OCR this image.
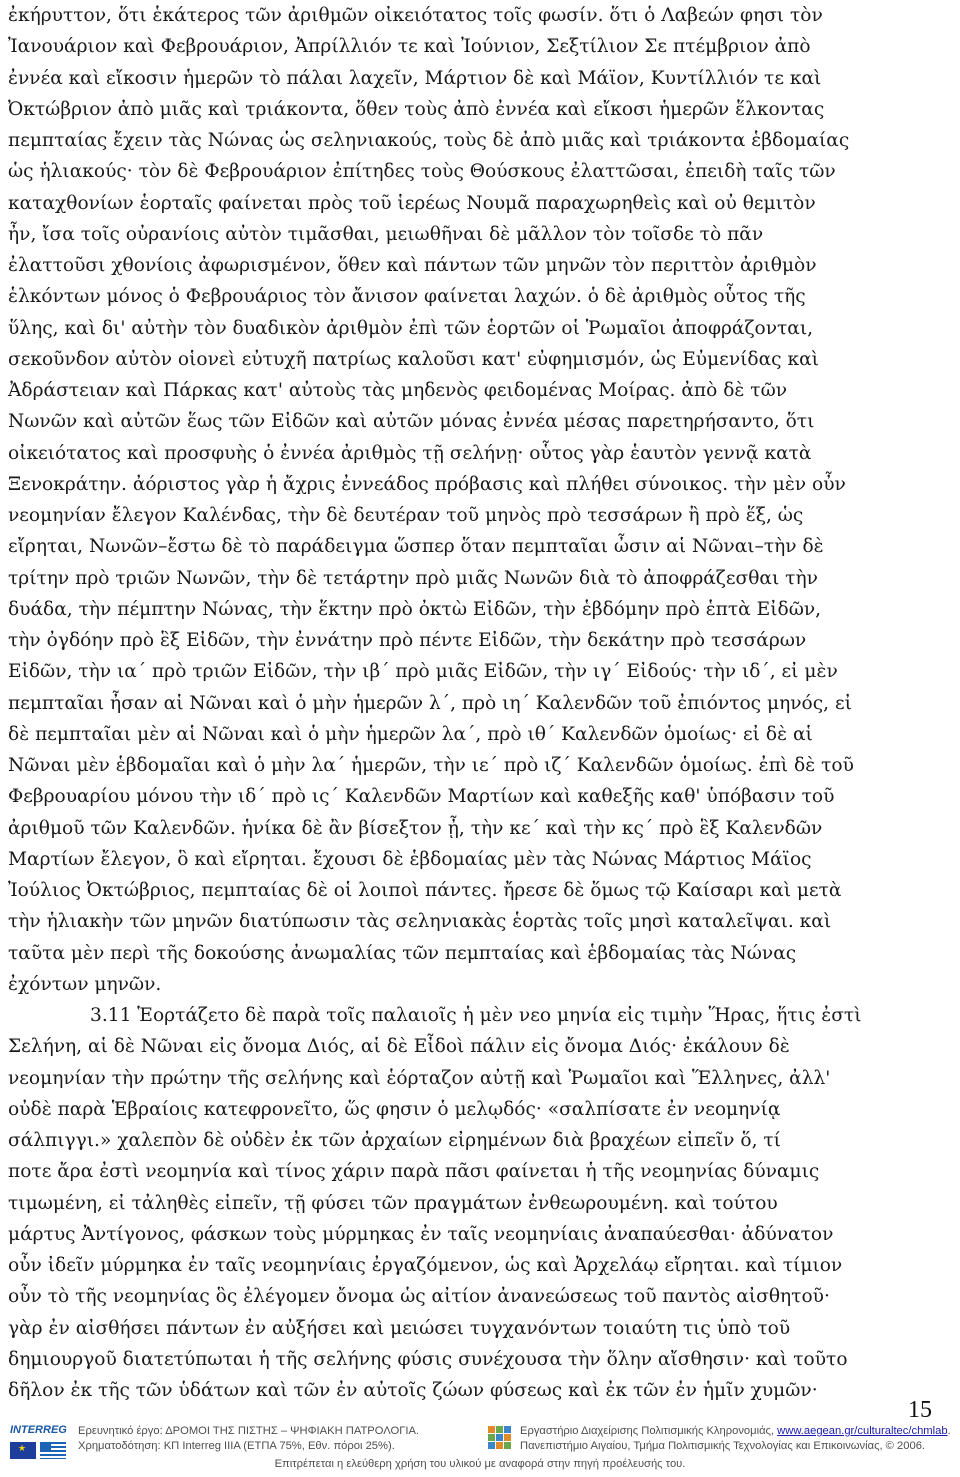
ἐκήρυττον, ὅτι ἑκάτερος τῶν ἀριθμῶν οἰκειότατος τοῖς φωσίν. ὅτι ὁ Λαβεών φησι τὸν
Ἰανουάριον καὶ Φεβρουάριον, Ἀπρίλλιόν τε καὶ Ἰούνιον, Σεξτίλιον Σε πτέμβριον ἀπὸ
ἐννέα καὶ εἴκοσιν ἡμερῶν τὸ πάλαι λαχεῖν, Μάρτιον δὲ καὶ Μάϊον, Κυντίλλιόν τε καὶ
Ὀκτώβριον ἀπὸ μιᾶς καὶ τριάκοντα, ὅθεν τοὺς ἀπὸ ἐννέα καὶ εἴκοσι ἡμερῶν ἕλκοντας
πεμπταίας ἔχειν τὰς Νώνας ὡς σεληνιακούς, τοὺς δὲ ἀπὸ μιᾶς καὶ τριάκοντα ἑβδομαίας
ὡς ἡλιακούς· τὸν δὲ Φεβρουάριον ἐπίτηδες τοὺς Θούσκους ἐλαττῶσαι, ἐπειδὴ ταῖς τῶν
καταχθονίων ἑορταῖς φαίνεται πρὸς τοῦ ἱερέως Νουμᾶ παραχωρηθεὶς καὶ οὐ θεμιτὸν
ἦν, ἴσα τοῖς οὐρανίοις αὐτὸν τιμᾶσθαι, μειωθῆναι δὲ μᾶλλον τὸν τοῖσδε τὸ πᾶν
ἐλαττοῦσι χθονίοις ἀφωρισμένον, ὅθεν καὶ πάντων τῶν μηνῶν τὸν περιττὸν ἀριθμὸν
ἑλκόντων μόνος ὁ Φεβρουάριος τὸν ἄνισον φαίνεται λαχών. ὁ δὲ ἀριθμὸς οὗτος τῆς
ὕλης, καὶ δι' αὐτὴν τὸν δυαδικὸν ἀριθμὸν ἐπὶ τῶν ἑορτῶν οἱ Ῥωμαῖοι ἀποφράζονται,
σεκοῦνδον αὐτὸν οἱονεὶ εὐτυχῆ πατρίως καλοῦσι κατ' εὐφημισμόν, ὡς Εὐμενίδας καὶ
Ἀδράστειαν καὶ Πάρκας κατ' αὐτοὺς τὰς μηδενὸς φειδομένας Μοίρας. ἀπὸ δὲ τῶν
Νωνῶν καὶ αὐτῶν ἕως τῶν Εἰδῶν καὶ αὐτῶν μόνας ἐννέα μέσας παρετηρήσαντο, ὅτι
οἰκειότατος καὶ προσφυὴς ὁ ἐννέα ἀριθμὸς τῇ σελήνῃ· οὗτος γὰρ ἑαυτὸν γεννᾷ κατὰ
Ξενοκράτην. ἀόριστος γὰρ ἡ ἄχρις ἐννεάδος πρόβασις καὶ πλήθει σύνοικος. τὴν μὲν οὖν
νεομηνίαν ἔλεγον Καλένδας, τὴν δὲ δευτέραν τοῦ μηνὸς πρὸ τεσσάρων ἢ πρὸ ἕξ, ὡς
εἴρηται, Νωνῶν–ἔστω δὲ τὸ παράδειγμα ὥσπερ ὅταν πεμπταῖαι ὦσιν αἱ Νῶναι–τὴν δὲ
τρίτην πρὸ τριῶν Νωνῶν, τὴν δὲ τετάρτην πρὸ μιᾶς Νωνῶν διὰ τὸ ἀποφράζεσθαι τὴν
δυάδα, τὴν πέμπτην Νώνας, τὴν ἕκτην πρὸ ὀκτὼ Εἰδῶν, τὴν ἑβδόμην πρὸ ἑπτὰ Εἰδῶν,
τὴν ὀγδόην πρὸ ἓξ Εἰδῶν, τὴν ἐννάτην πρὸ πέντε Εἰδῶν, τὴν δεκάτην πρὸ τεσσάρων
Εἰδῶν, τὴν ια´ πρὸ τριῶν Εἰδῶν, τὴν ιβ´ πρὸ μιᾶς Εἰδῶν, τὴν ιγ´ Εἰδούς· τὴν ιδ´, εἰ μὲν
πεμπταῖαι ἦσαν αἱ Νῶναι καὶ ὁ μὴν ἡμερῶν λ´, πρὸ ιη´ Καλενδῶν τοῦ ἐπιόντος μηνός, εἰ
δὲ πεμπταῖαι μὲν αἱ Νῶναι καὶ ὁ μὴν ἡμερῶν λα´, πρὸ ιθ´ Καλενδῶν ὁμοίως· εἰ δὲ αἱ
Νῶναι μὲν ἑβδομαῖαι καὶ ὁ μὴν λα´ ἡμερῶν, τὴν ιε´ πρὸ ιζ´ Καλενδῶν ὁμοίως. ἐπὶ δὲ τοῦ
Φεβρουαρίου μόνου τὴν ιδ´ πρὸ ις´ Καλενδῶν Μαρτίων καὶ καθεξῆς καθ' ὑπόβασιν τοῦ
ἀριθμοῦ τῶν Καλενδῶν. ἡνίκα δὲ ἂν βίσεξτον ᾖ, τὴν κε´ καὶ τὴν κς´ πρὸ ἓξ Καλενδῶν
Μαρτίων ἔλεγον, ὃ καὶ εἴρηται. ἔχουσι δὲ ἑβδομαίας μὲν τὰς Νώνας Μάρτιος Μάϊος
Ἰούλιος Ὀκτώβριος, πεμπταίας δὲ οἱ λοιποὶ πάντες. ἤρεσε δὲ ὅμως τῷ Καίσαρι καὶ μετὰ
τὴν ἡλιακὴν τῶν μηνῶν διατύπωσιν τὰς σεληνιακὰς ἑορτὰς τοῖς μησὶ καταλεῖψαι. καὶ
ταῦτα μὲν περὶ τῆς δοκούσης ἀνωμαλίας τῶν πεμπταίας καὶ ἑβδομαίας τὰς Νώνας
ἐχόντων μηνῶν.
3.11 Ἑορτάζετο δὲ παρὰ τοῖς παλαιοῖς ἡ μὲν νεο μηνία εἰς τιμὴν Ἥρας, ἥτις ἐστὶ
Σελήνη, αἱ δὲ Νῶναι εἰς ὄνομα Διός, αἱ δὲ Εἶδοὶ πάλιν εἰς ὄνομα Διός· ἐκάλουν δὲ
νεομηνίαν τὴν πρώτην τῆς σελήνης καὶ ἑόρταζον αὐτῇ καὶ Ῥωμαῖοι καὶ Ἕλληνες, ἀλλ'
οὐδὲ παρὰ Ἑβραίοις κατεφρονεῖτο, ὥς φησιν ὁ μελῳδός· «σαλπίσατε ἐν νεομηνίᾳ
σάλπιγγι.» χαλεπὸν δὲ οὐδὲν ἐκ τῶν ἀρχαίων εἰρημένων διὰ βραχέων εἰπεῖν ὅ, τί
ποτε ἄρα ἐστὶ νεομηνία καὶ τίνος χάριν παρὰ πᾶσι φαίνεται ἡ τῆς νεομηνίας δύναμις
τιμωμένη, εἰ τἀληθὲς εἰπεῖν, τῇ φύσει τῶν πραγμάτων ἐνθεωρουμένη. καὶ τούτου
μάρτυς Ἀντίγονος, φάσκων τοὺς μύρμηκας ἐν ταῖς νεομηνίαις ἀναπαύεσθαι· ἀδύνατον
οὖν ἰδεῖν μύρμηκα ἐν ταῖς νεομηνίαις ἐργαζόμενον, ὡς καὶ Ἀρχελάῳ εἴρηται. καὶ τίμιον
οὖν τὸ τῆς νεομηνίας ὃς ἐλέγομεν ὄνομα ὡς αἰτίον ἀνανεώσεως τοῦ παντὸς αἰσθητοῦ·
γὰρ ἐν αἰσθήσει πάντων ἐν αὐξήσει καὶ μειώσει τυγχανόντων τοιαύτη τις ὑπὸ τοῦ
δημιουργοῦ διατετύπωται ἡ τῆς σελήνης φύσις συνέχουσα τὴν ὅλην αἴσθησιν· καὶ τοῦτο
δῆλον ἐκ τῆς τῶν ὑδάτων καὶ τῶν ἐν αὐτοῖς ζώων φύσεως καὶ ἐκ τῶν ἐν ἡμῖν χυμῶν·
15
INTERREG
★ Ερευνητικό έργο: ΔΡΟΜΟΙ ΤΗΣ ΠΙΣΤΗΣ – ΨΗΦΙΑΚΗ ΠΑΤΡΟΛΟΓΙΑ.
Χρηματοδότηση: ΚΠ Interreg IIIA (ΕΤΠΑ 75%, Εθν. πόροι 25%).
Εργαστήριο Διαχείρισης Πολιτισμικής Κληρονομιάς, www.aegean.gr/culturaltec/chmlab.
Πανεπιστήμιο Αιγαίου, Τμήμα Πολιτισμικής Τεχνολογίας και Επικοινωνίας, © 2006.
Επιτρέπεται η ελεύθερη χρήση του υλικού με αναφορά στην πηγή προέλευσής του.
